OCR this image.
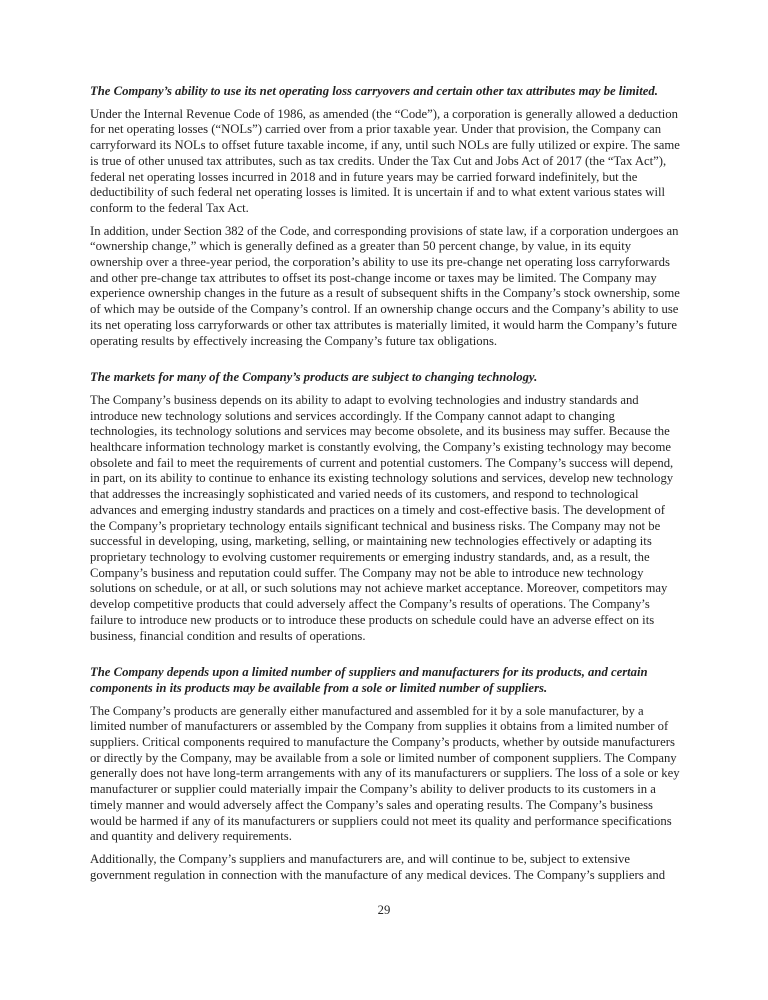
The Company’s ability to use its net operating loss carryovers and certain other tax attributes may be limited.

Under the Internal Revenue Code of 1986, as amended (the “Code”), a corporation is generally allowed a deduction for net operating losses (“NOLs”) carried over from a prior taxable year. Under that provision, the Company can carryforward its NOLs to offset future taxable income, if any, until such NOLs are fully utilized or expire. The same is true of other unused tax attributes, such as tax credits. Under the Tax Cut and Jobs Act of 2017 (the “Tax Act”), federal net operating losses incurred in 2018 and in future years may be carried forward indefinitely, but the deductibility of such federal net operating losses is limited. It is uncertain if and to what extent various states will conform to the federal Tax Act.

In addition, under Section 382 of the Code, and corresponding provisions of state law, if a corporation undergoes an “ownership change,” which is generally defined as a greater than 50 percent change, by value, in its equity ownership over a three-year period, the corporation’s ability to use its pre-change net operating loss carryforwards and other pre-change tax attributes to offset its post-change income or taxes may be limited. The Company may experience ownership changes in the future as a result of subsequent shifts in the Company’s stock ownership, some of which may be outside of the Company’s control. If an ownership change occurs and the Company’s ability to use its net operating loss carryforwards or other tax attributes is materially limited, it would harm the Company’s future operating results by effectively increasing the Company’s future tax obligations.

The markets for many of the Company’s products are subject to changing technology.

The Company’s business depends on its ability to adapt to evolving technologies and industry standards and introduce new technology solutions and services accordingly. If the Company cannot adapt to changing technologies, its technology solutions and services may become obsolete, and its business may suffer. Because the healthcare information technology market is constantly evolving, the Company’s existing technology may become obsolete and fail to meet the requirements of current and potential customers. The Company’s success will depend, in part, on its ability to continue to enhance its existing technology solutions and services, develop new technology that addresses the increasingly sophisticated and varied needs of its customers, and respond to technological advances and emerging industry standards and practices on a timely and cost-effective basis. The development of the Company’s proprietary technology entails significant technical and business risks. The Company may not be successful in developing, using, marketing, selling, or maintaining new technologies effectively or adapting its proprietary technology to evolving customer requirements or emerging industry standards, and, as a result, the Company’s business and reputation could suffer. The Company may not be able to introduce new technology solutions on schedule, or at all, or such solutions may not achieve market acceptance. Moreover, competitors may develop competitive products that could adversely affect the Company’s results of operations. The Company’s failure to introduce new products or to introduce these products on schedule could have an adverse effect on its business, financial condition and results of operations.

The Company depends upon a limited number of suppliers and manufacturers for its products, and certain components in its products may be available from a sole or limited number of suppliers.

The Company’s products are generally either manufactured and assembled for it by a sole manufacturer, by a limited number of manufacturers or assembled by the Company from supplies it obtains from a limited number of suppliers. Critical components required to manufacture the Company’s products, whether by outside manufacturers or directly by the Company, may be available from a sole or limited number of component suppliers. The Company generally does not have long-term arrangements with any of its manufacturers or suppliers. The loss of a sole or key manufacturer or supplier could materially impair the Company’s ability to deliver products to its customers in a timely manner and would adversely affect the Company’s sales and operating results. The Company’s business would be harmed if any of its manufacturers or suppliers could not meet its quality and performance specifications and quantity and delivery requirements.

Additionally, the Company’s suppliers and manufacturers are, and will continue to be, subject to extensive government regulation in connection with the manufacture of any medical devices. The Company’s suppliers and

29
